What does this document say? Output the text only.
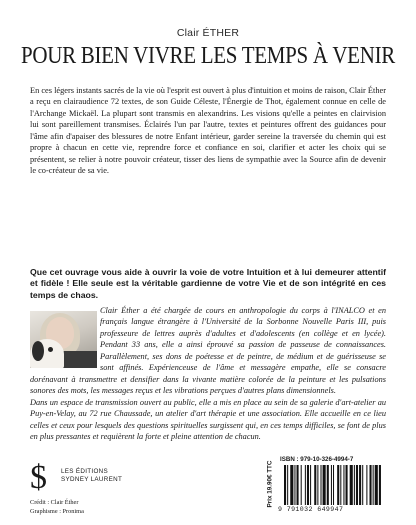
Clair ÉTHER
POUR BIEN VIVRE LES TEMPS À VENIR

En ces légers instants sacrés de la vie où l'esprit est ouvert à plus d'intuition et moins de raison, Clair Éther a reçu en clairaudience 72 textes, de son Guide Céleste, l'Énergie de Thot, également connue en celle de l'Archange Mickaël. La plupart sont transmis en alexandrins. Les visions qu'elle a peintes en clairvision lui sont pareillement transmises. Éclairés l'un par l'autre, textes et peintures offrent des guidances pour l'âme afin d'apaiser des blessures de notre Enfant intérieur, garder sereine la traversée du chemin qui est propre à chacun en cette vie, reprendre force et confiance en soi, clarifier et acter les choix qui se présentent, se relier à notre pouvoir créateur, tisser des liens de sympathie avec la Source afin de devenir le co-créateur de sa vie.

Que cet ouvrage vous aide à ouvrir la voie de votre Intuition et à lui demeurer attentif et fidèle ! Elle seule est la véritable gardienne de votre Vie et de son intégrité en ces temps de chaos.

Clair Éther a été chargée de cours en anthropologie du corps à l'INALCO et en français langue étrangère à l'Université de la Sorbonne Nouvelle Paris III, puis professeure de lettres auprès d'adultes et d'adolescents (en collège et en lycée). Pendant 33 ans, elle a ainsi éprouvé sa passion de passeuse de connaissances. Parallèlement, ses dons de poétesse et de peintre, de médium et de guérisseuse se sont affinés. Expérienceuse de l'âme et messagère empathe, elle se consacre dorénavant à transmettre et densifier dans la vivante matière colorée de la peinture et les pulsations sonores des mots, les messages reçus et les vibrations perçues d'autres plans dimensionnels.
Dans un espace de transmission ouvert au public, elle a mis en place au sein de sa galerie d'art-atelier au Puy-en-Velay, au 72 rue Chaussade, un atelier d'art thérapie et une association. Elle accueille en ce lieu celles et ceux pour lesquels des questions spirituelles surgissent qui, en ces temps difficiles, se font de plus en plus pressantes et requièrent la forte et pleine attention de chacun.
$	LES ÉDITIONS
SYDNEY LAURENT
Crédit : Clair Éther
Graphisme : Pronima
Prix 19.90€ TTC
ISBN : 979-10-326-4994-7
9 791032 649947
